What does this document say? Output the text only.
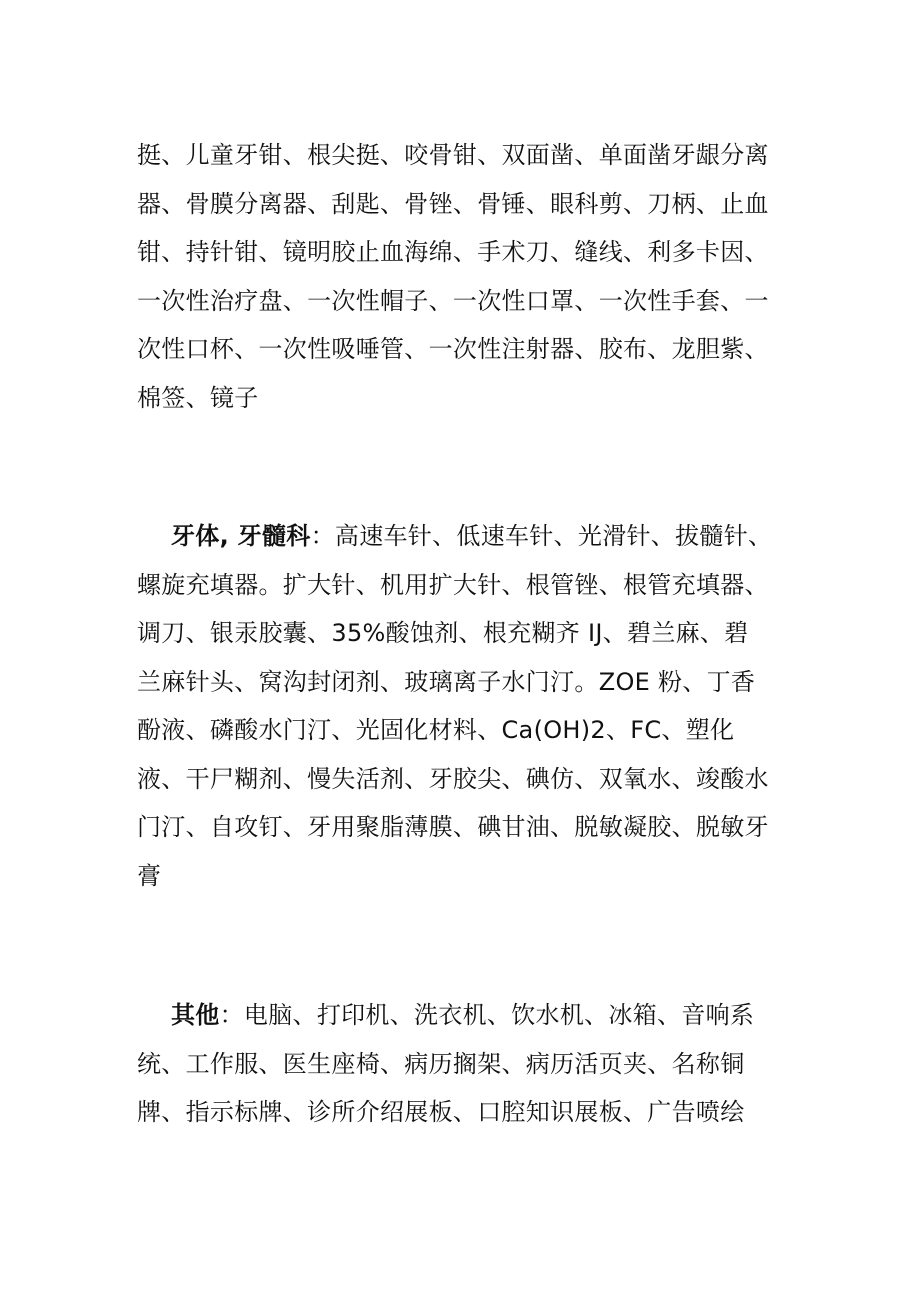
挺、儿童牙钳、根尖挺、咬骨钳、双面凿、单面凿牙龈分离
器、骨膜分离器、刮匙、骨锉、骨锤、眼科剪、刀柄、止血
钳、持针钳、镜明胶止血海绵、手术刀、缝线、利多卡因、
一次性治疗盘、一次性帽子、一次性口罩、一次性手套、一
次性口杯、一次性吸唾管、一次性注射器、胶布、龙胆紫、
棉签、镜子
牙体, 牙髓科：高速车针、低速车针、光滑针、拔髓针、
螺旋充填器。扩大针、机用扩大针、根管锉、根管充填器、
调刀、银汞胶囊、35%酸蚀剂、根充糊齐 IJ、碧兰麻、碧
兰麻针头、窝沟封闭剂、玻璃离子水门汀。ZOE 粉、丁香
酚液、磷酸水门汀、光固化材料、Ca(OH)2、FC、塑化
液、干尸糊剂、慢失活剂、牙胶尖、碘仿、双氧水、竣酸水
门汀、自攻钉、牙用聚脂薄膜、碘甘油、脱敏凝胶、脱敏牙
膏
其他：电脑、打印机、洗衣机、饮水机、冰箱、音响系
统、工作服、医生座椅、病历搁架、病历活页夹、名称铜
牌、指示标牌、诊所介绍展板、口腔知识展板、广告喷绘
